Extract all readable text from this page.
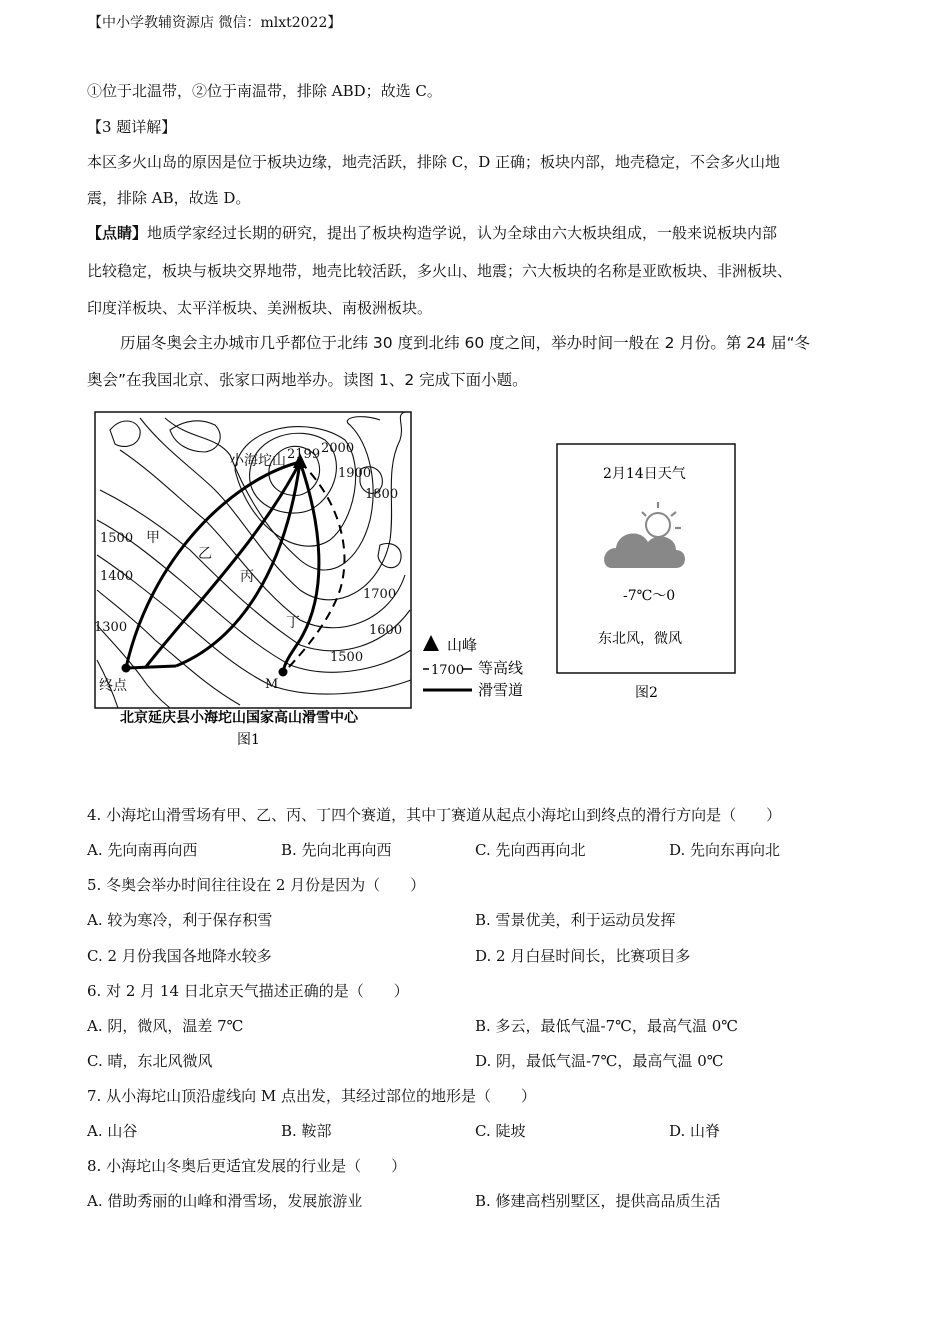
【中小学教辅资源店 微信：mlxt2022】
①位于北温带，②位于南温带，排除 ABD；故选 C。
【3 题详解】
本区多火山岛的原因是位于板块边缘，地壳活跃，排除 C，D 正确；板块内部，地壳稳定，不会多火山地
震，排除 AB，故选 D。
【点睛】地质学家经过长期的研究，提出了板块构造学说，认为全球由六大板块组成，一般来说板块内部
比较稳定，板块与板块交界地带，地壳比较活跃，多火山、地震；六大板块的名称是亚欧板块、非洲板块、
印度洋板块、太平洋板块、美洲板块、南极洲板块。
历届冬奥会主办城市几乎都位于北纬 30 度到北纬 60 度之间，举办时间一般在 2 月份。第 24 届“冬
奥会”在我国北京、张家口两地举办。读图 1、2 完成下面小题。
小海坨山 2199 2000
1900
1800
1700
1600
1500
1500
1400
1300
甲
乙
丙
丁
终点	M
山峰
1700 等高线
滑雪道
北京延庆县小海坨山国家高山滑雪中心
图1
2月14日天气
-7℃～0
东北风，微风
图2
4. 小海坨山滑雪场有甲、乙、丙、丁四个赛道，其中丁赛道从起点小海坨山到终点的滑行方向是（　　）
A. 先向南再向西	B. 先向北再向西	C. 先向西再向北	D. 先向东再向北
5. 冬奥会举办时间往往设在 2 月份是因为（　　）
A. 较为寒冷，利于保存积雪	B. 雪景优美，利于运动员发挥
C. 2 月份我国各地降水较多	D. 2 月白昼时间长，比赛项目多
6. 对 2 月 14 日北京天气描述正确的是（　　）
A. 阴，微风，温差 7℃	B. 多云，最低气温-7℃，最高气温 0℃
C. 晴，东北风微风	D. 阴，最低气温-7℃，最高气温 0℃
7. 从小海坨山顶沿虚线向 M 点出发，其经过部位的地形是（　　）
A. 山谷	B. 鞍部	C. 陡坡	D. 山脊
8. 小海坨山冬奥后更适宜发展的行业是（　　）
A. 借助秀丽的山峰和滑雪场，发展旅游业	B. 修建高档别墅区，提供高品质生活
